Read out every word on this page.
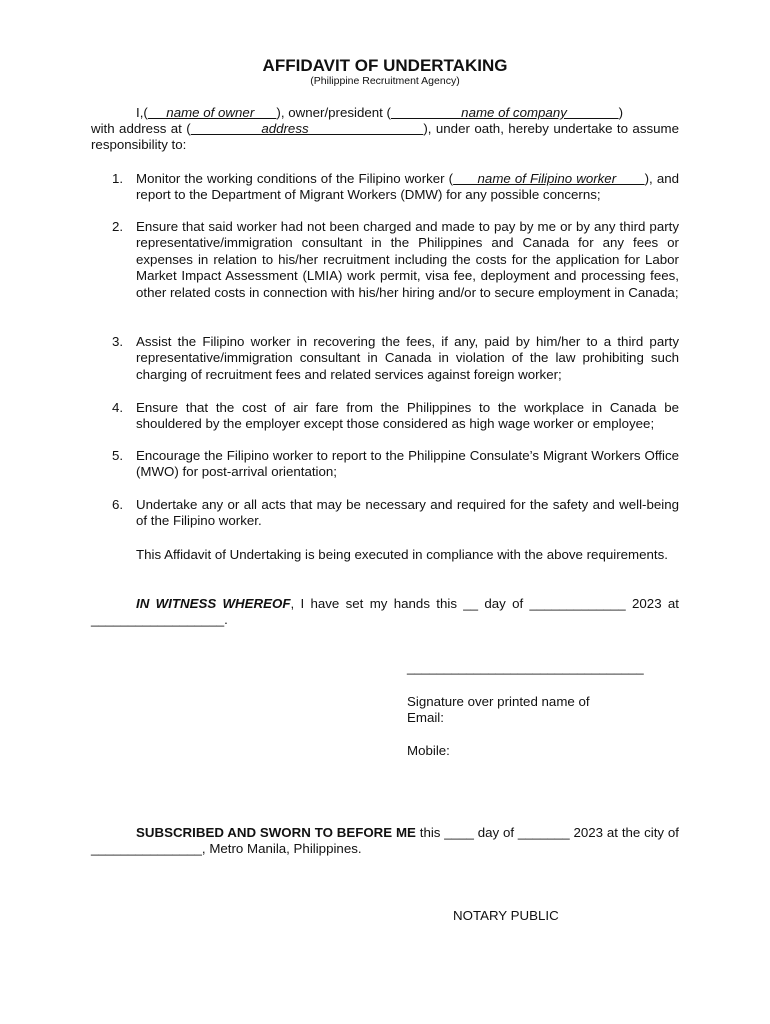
AFFIDAVIT OF UNDERTAKING
(Philippine Recruitment Agency)
I,(     name of owner      ), owner/president (                   name of company              )
with address at (                address                          ), under oath, hereby undertake to assume responsibility to:
1. Monitor the working conditions of the Filipino worker (      name of Filipino worker       ), and report to the Department of Migrant Workers (DMW) for any possible concerns;
2. Ensure that said worker had not been charged and made to pay by me or by any third party representative/immigration consultant in the Philippines and Canada for any fees or expenses in relation to his/her recruitment including the costs for the application for Labor Market Impact Assessment (LMIA) work permit, visa fee, deployment and processing fees, other related costs in connection with his/her hiring and/or to secure employment in Canada;
3. Assist the Filipino worker in recovering the fees, if any, paid by him/her to a third party representative/immigration consultant in Canada in violation of the law prohibiting such charging of recruitment fees and related services against foreign worker;
4. Ensure that the cost of air fare from the Philippines to the workplace in Canada be shouldered by the employer except those considered as high wage worker or employee;
5. Encourage the Filipino worker to report to the Philippine Consulate’s Migrant Workers Office (MWO) for post-arrival orientation;
6. Undertake any or all acts that may be necessary and required for the safety and well-being of the Filipino worker.
This Affidavit of Undertaking is being executed in compliance with the above requirements.
IN WITNESS WHEREOF, I have set my hands this __ day of _____________ 2023 at __________________.
________________________________
Signature over printed name of
Email:
Mobile:
SUBSCRIBED AND SWORN TO BEFORE ME this ____ day of _______ 2023 at the city of _______________, Metro Manila, Philippines.
NOTARY PUBLIC
